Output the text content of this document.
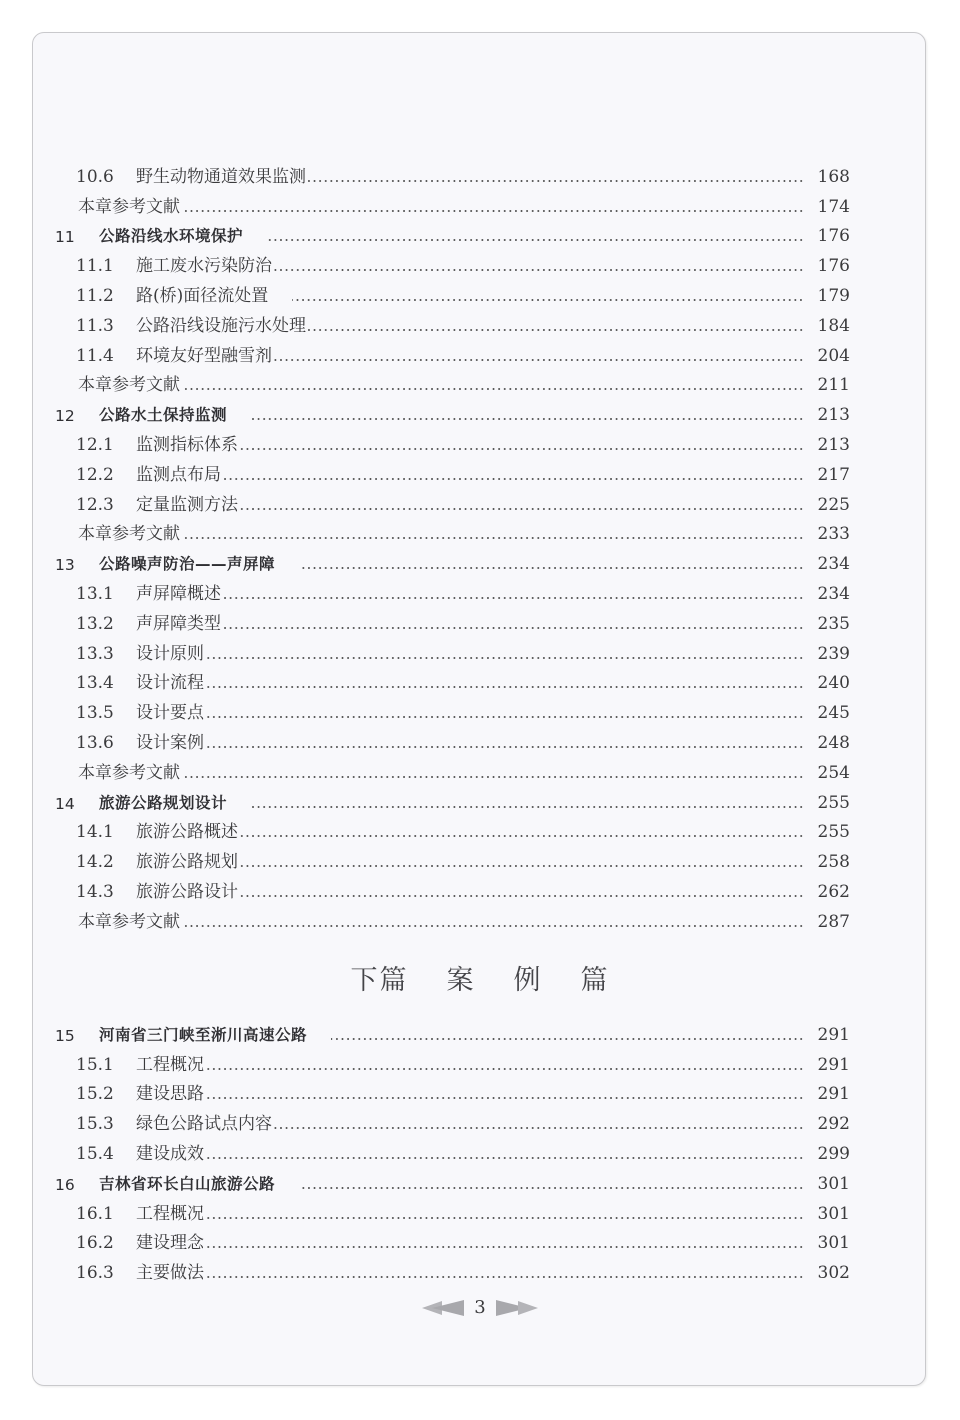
10.6	野生动物通道效果监测	168
本章参考文献	174
11	公路沿线水环境保护	176
11.1	施工废水污染防治	176
11.2	路(桥)面径流处置	179
11.3	公路沿线设施污水处理	184
11.4	环境友好型融雪剂	204
本章参考文献	211
12	公路水土保持监测	213
12.1	监测指标体系	213
12.2	监测点布局	217
12.3	定量监测方法	225
本章参考文献	233
13	公路噪声防治——声屏障	234
13.1	声屏障概述	234
13.2	声屏障类型	235
13.3	设计原则	239
13.4	设计流程	240
13.5	设计要点	245
13.6	设计案例	248
本章参考文献	254
14	旅游公路规划设计	255
14.1	旅游公路概述	255
14.2	旅游公路规划	258
14.3	旅游公路设计	262
本章参考文献	287
下篇 案 例 篇
15	河南省三门峡至淅川高速公路	291
15.1	工程概况	291
15.2	建设思路	291
15.3	绿色公路试点内容	292
15.4	建设成效	299
16	吉林省环长白山旅游公路	301
16.1	工程概况	301
16.2	建设理念	301
16.3	主要做法	302
3
